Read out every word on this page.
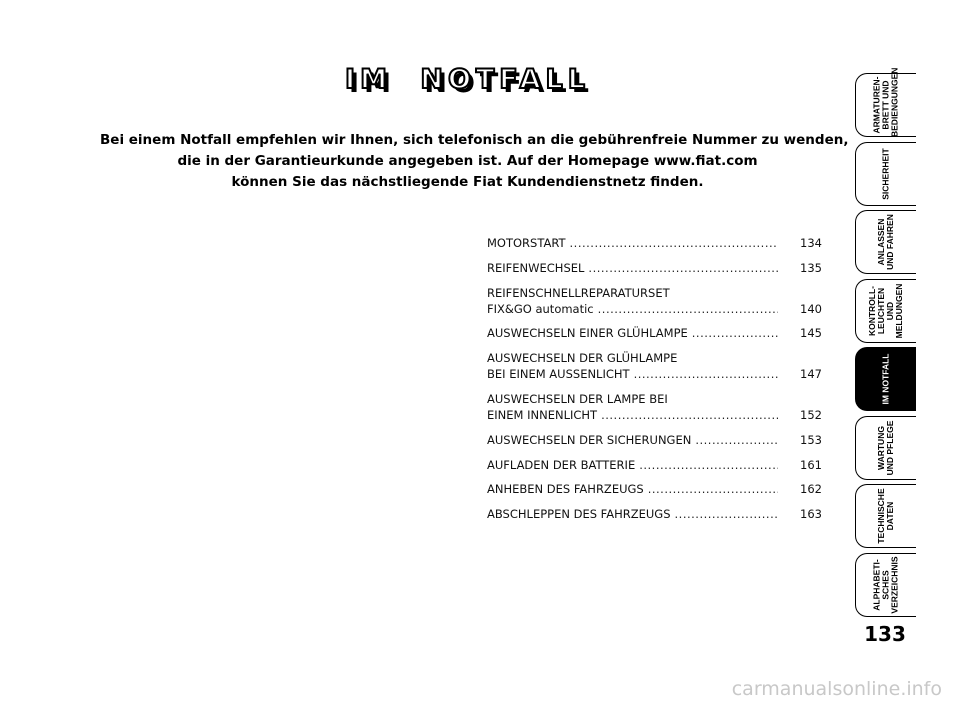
IM NOTFALL
Bei einem Notfall empfehlen wir Ihnen, sich telefonisch an die gebührenfreie Nummer zu wenden,
die in der Garantieurkunde angegeben ist. Auf der Homepage www.fiat.com
können Sie das nächstliegende Fiat Kundendienstnetz finden.
MOTORSTART .....	134
REIFENWECHSEL .....	135
REIFENSCHNELLREPARATURSET
FIX&GO automatic .....	140
AUSWECHSELN EINER GLÜHLAMPE .....	145
AUSWECHSELN DER GLÜHLAMPE
BEI EINEM AUSSENLICHT .....	147
AUSWECHSELN DER LAMPE BEI
EINEM INNENLICHT .....	152
AUSWECHSELN DER SICHERUNGEN .....	153
AUFLADEN DER BATTERIE .....	161
ANHEBEN DES FAHRZEUGS .....	162
ABSCHLEPPEN DES FAHRZEUGS .....	163
ARMATUREN-
BRETT UND
BEDIENGUNGEN
SICHERHEIT
ANLASSEN
UND FAHREN
KONTROLL-
LEUCHTEN UND
MELDUNGEN
IM NOTFALL
WARTUNG
UND PFLEGE
TECHNISCHE
DATEN
ALPHABETI-
SCHES
VERZEICHNIS
133
carmanualsonline.info
